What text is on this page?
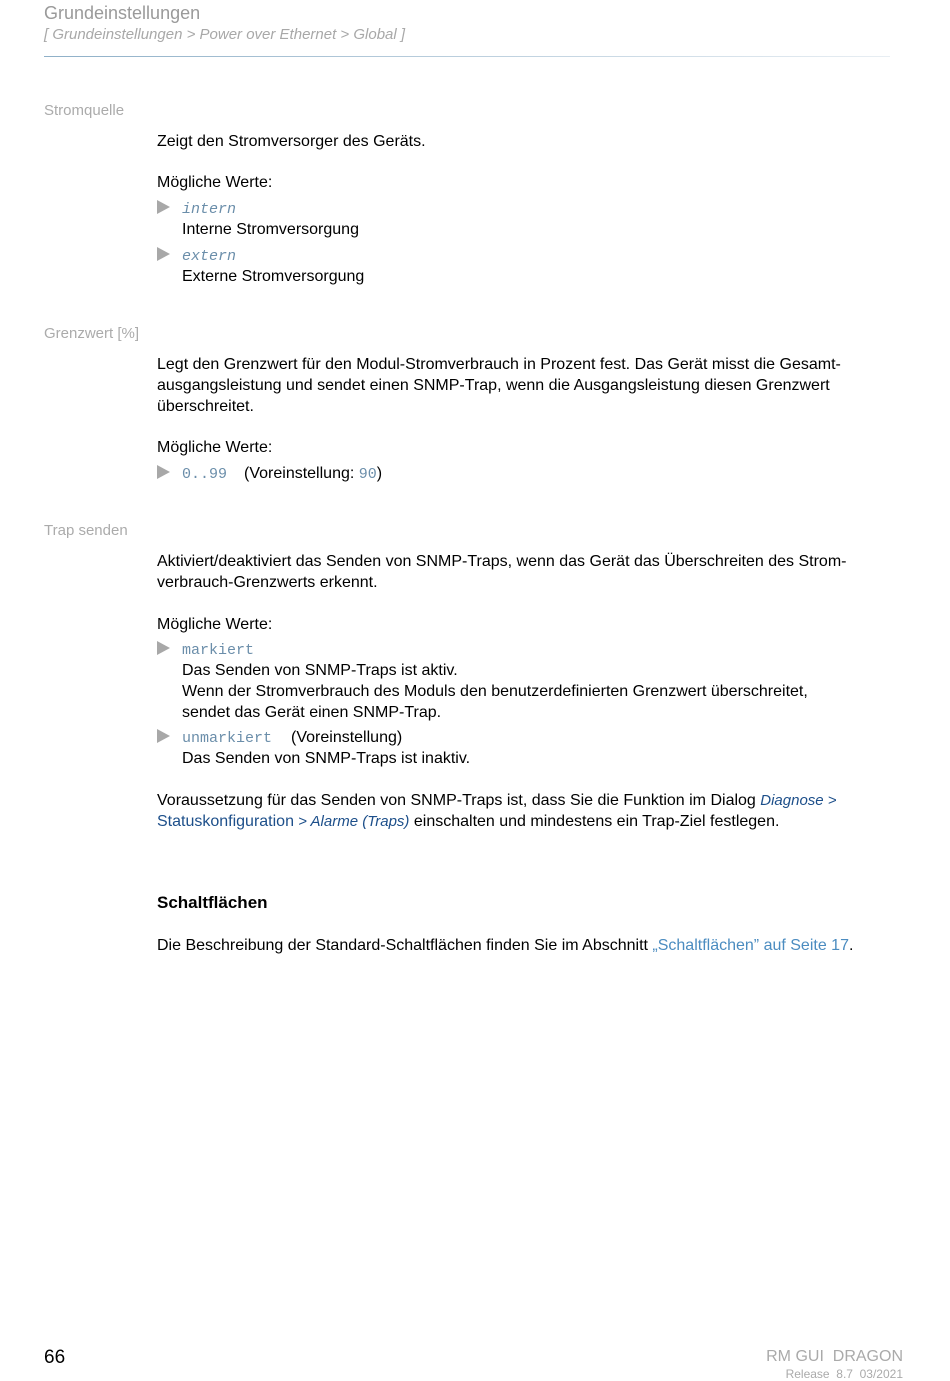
Grundeinstellungen
[ Grundeinstellungen > Power over Ethernet > Global ]
Stromquelle
Zeigt den Stromversorger des Geräts.
Mögliche Werte:
intern
Interne Stromversorgung
extern
Externe Stromversorgung
Grenzwert [%]
Legt den Grenzwert für den Modul-Stromverbrauch in Prozent fest. Das Gerät misst die Gesamt-
ausgangsleistung und sendet einen SNMP-Trap, wenn die Ausgangsleistung diesen Grenzwert
überschreitet.
Mögliche Werte:
0..99 (Voreinstellung: 90)
Trap senden
Aktiviert/deaktiviert das Senden von SNMP-Traps, wenn das Gerät das Überschreiten des Strom-
verbrauch-Grenzwerts erkennt.
Mögliche Werte:
markiert
Das Senden von SNMP-Traps ist aktiv.
Wenn der Stromverbrauch des Moduls den benutzerdefinierten Grenzwert überschreitet,
sendet das Gerät einen SNMP-Trap.
unmarkiert (Voreinstellung)
Das Senden von SNMP-Traps ist inaktiv.
Voraussetzung für das Senden von SNMP-Traps ist, dass Sie die Funktion im Dialog Diagnose >
Statuskonfiguration > Alarme (Traps) einschalten und mindestens ein Trap-Ziel festlegen.
Schaltflächen
Die Beschreibung der Standard-Schaltflächen finden Sie im Abschnitt „Schaltflächen” auf Seite 17.
66	RM GUI  DRAGON
Release  8.7  03/2021
